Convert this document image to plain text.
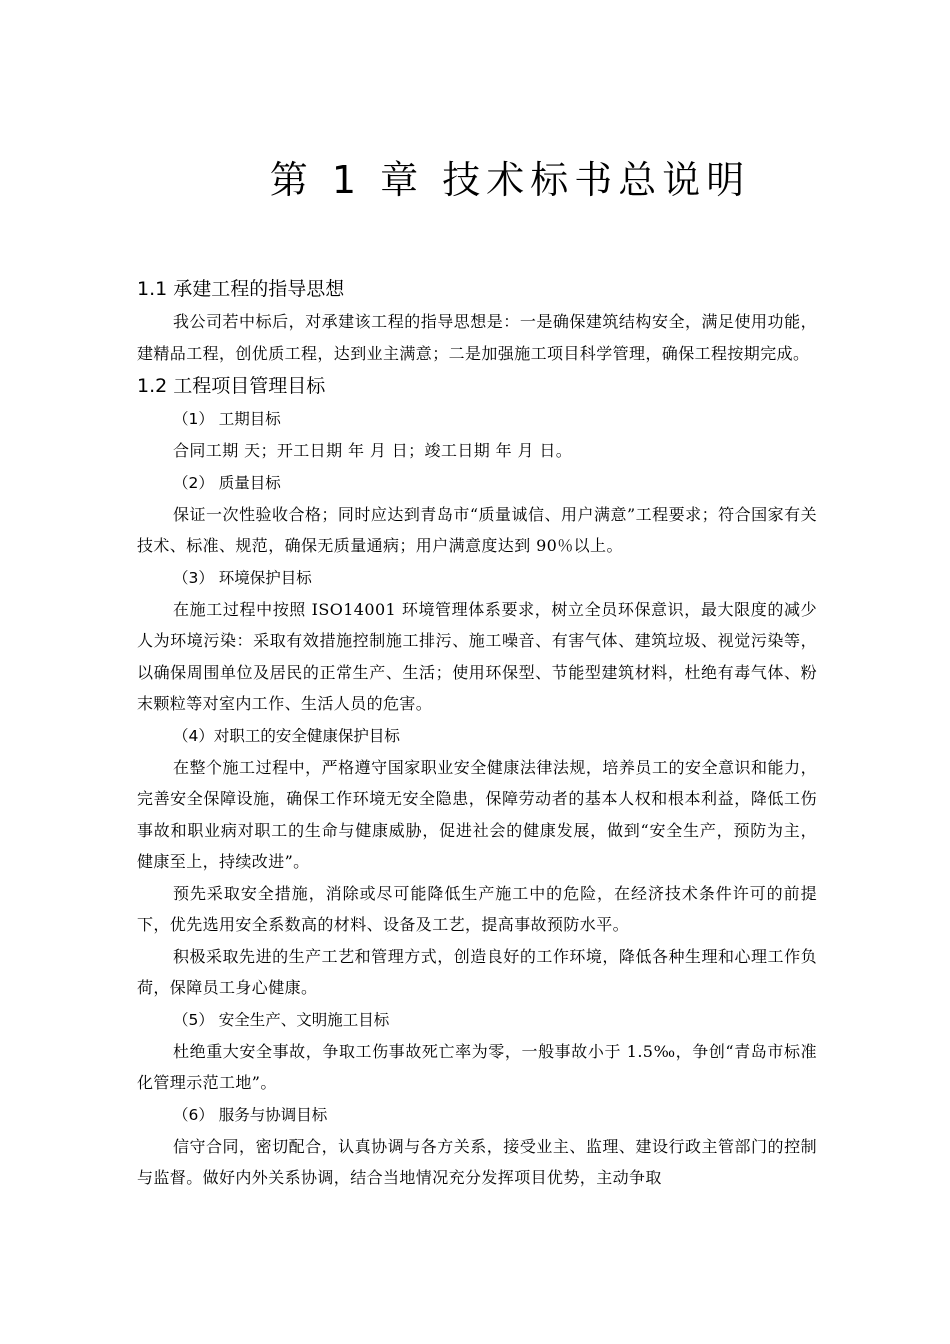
第 1 章 技术标书总说明
1.1 承建工程的指导思想

我公司若中标后，对承建该工程的指导思想是：一是确保建筑结构安全，满足使用功能，建精品工程，创优质工程，达到业主满意；二是加强施工项目科学管理，确保工程按期完成。

1.2 工程项目管理目标
（1） 工期目标

合同工期 天；开工日期 年 月 日；竣工日期 年 月 日。

（2） 质量目标

保证一次性验收合格；同时应达到青岛市“质量诚信、用户满意”工程要求；符合国家有关技术、标准、规范，确保无质量通病；用户满意度达到 90％以上。

（3） 环境保护目标

在施工过程中按照 ISO14001 环境管理体系要求，树立全员环保意识，最大限度的减少人为环境污染：采取有效措施控制施工排污、施工噪音、有害气体、建筑垃圾、视觉污染等，以确保周围单位及居民的正常生产、生活；使用环保型、节能型建筑材料，杜绝有毒气体、粉末颗粒等对室内工作、生活人员的危害。

（4）对职工的安全健康保护目标

在整个施工过程中，严格遵守国家职业安全健康法律法规，培养员工的安全意识和能力，完善安全保障设施，确保工作环境无安全隐患，保障劳动者的基本人权和根本利益，降低工伤事故和职业病对职工的生命与健康威胁，促进社会的健康发展，做到“安全生产，预防为主，健康至上，持续改进”。

预先采取安全措施，消除或尽可能降低生产施工中的危险，在经济技术条件许可的前提下，优先选用安全系数高的材料、设备及工艺，提高事故预防水平。

积极采取先进的生产工艺和管理方式，创造良好的工作环境，降低各种生理和心理工作负荷，保障员工身心健康。

（5） 安全生产、文明施工目标

杜绝重大安全事故，争取工伤事故死亡率为零，一般事故小于 1.5‰，争创“青岛市标准化管理示范工地”。

（6） 服务与协调目标

信守合同，密切配合，认真协调与各方关系，接受业主、监理、建设行政主管部门的控制与监督。做好内外关系协调，结合当地情况充分发挥项目优势，主动争取
